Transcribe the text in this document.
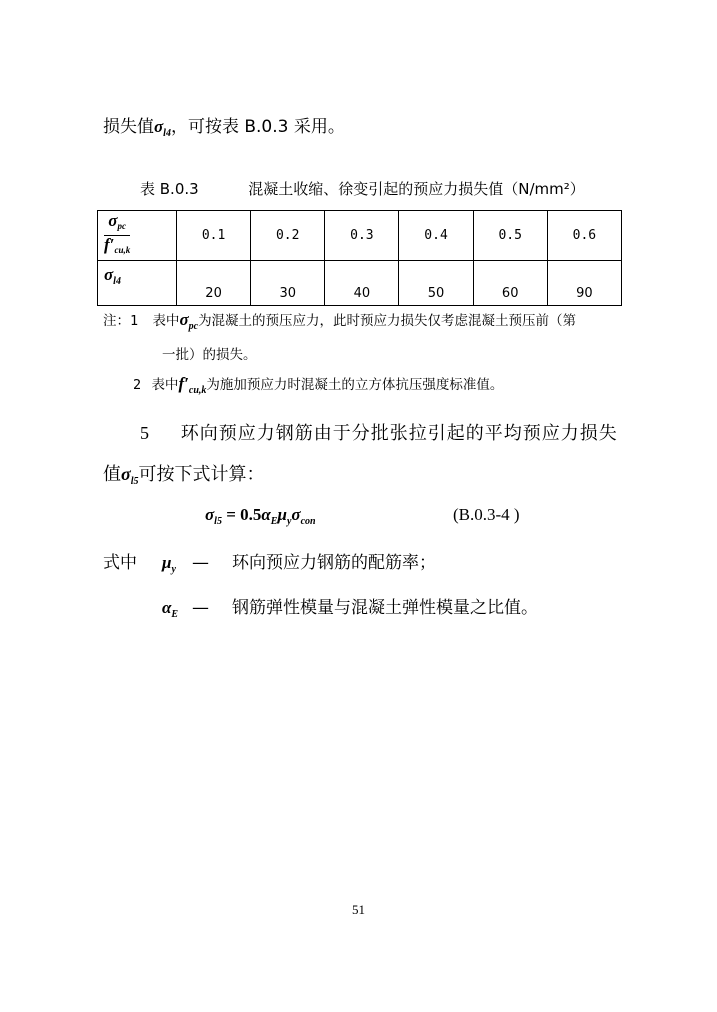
损失值$\sigma_{l4}$，可按表 B.0.3 采用。
表 B.0.3	混凝土收缩、徐变引起的预应力损失值（N/mm²）
$\frac{\sigma_{pc}}{f'_{cu,k}}$	0.1	0.2	0.3	0.4	0.5	0.6
$\sigma_{l4}$	20	30	40	50	60	90
注：1 表中$\sigma_{pc}$为混凝土的预压应力，此时预应力损失仅考虑混凝土预压前（第
一批）的损失。
2 表中$f'_{cu,k}$为施加预应力时混凝土的立方体抗压强度标准值。
5 环向预应力钢筋由于分批张拉引起的平均预应力损失
值$\sigma_{l5}$可按下式计算：
$\sigma_{l5} = 0.5\alpha_E\mu_y\sigma_{con}$	(B.0.3-4 )
式中 $\mu_y$ — 环向预应力钢筋的配筋率；
$\alpha_E$ — 钢筋弹性模量与混凝土弹性模量之比值。
51
